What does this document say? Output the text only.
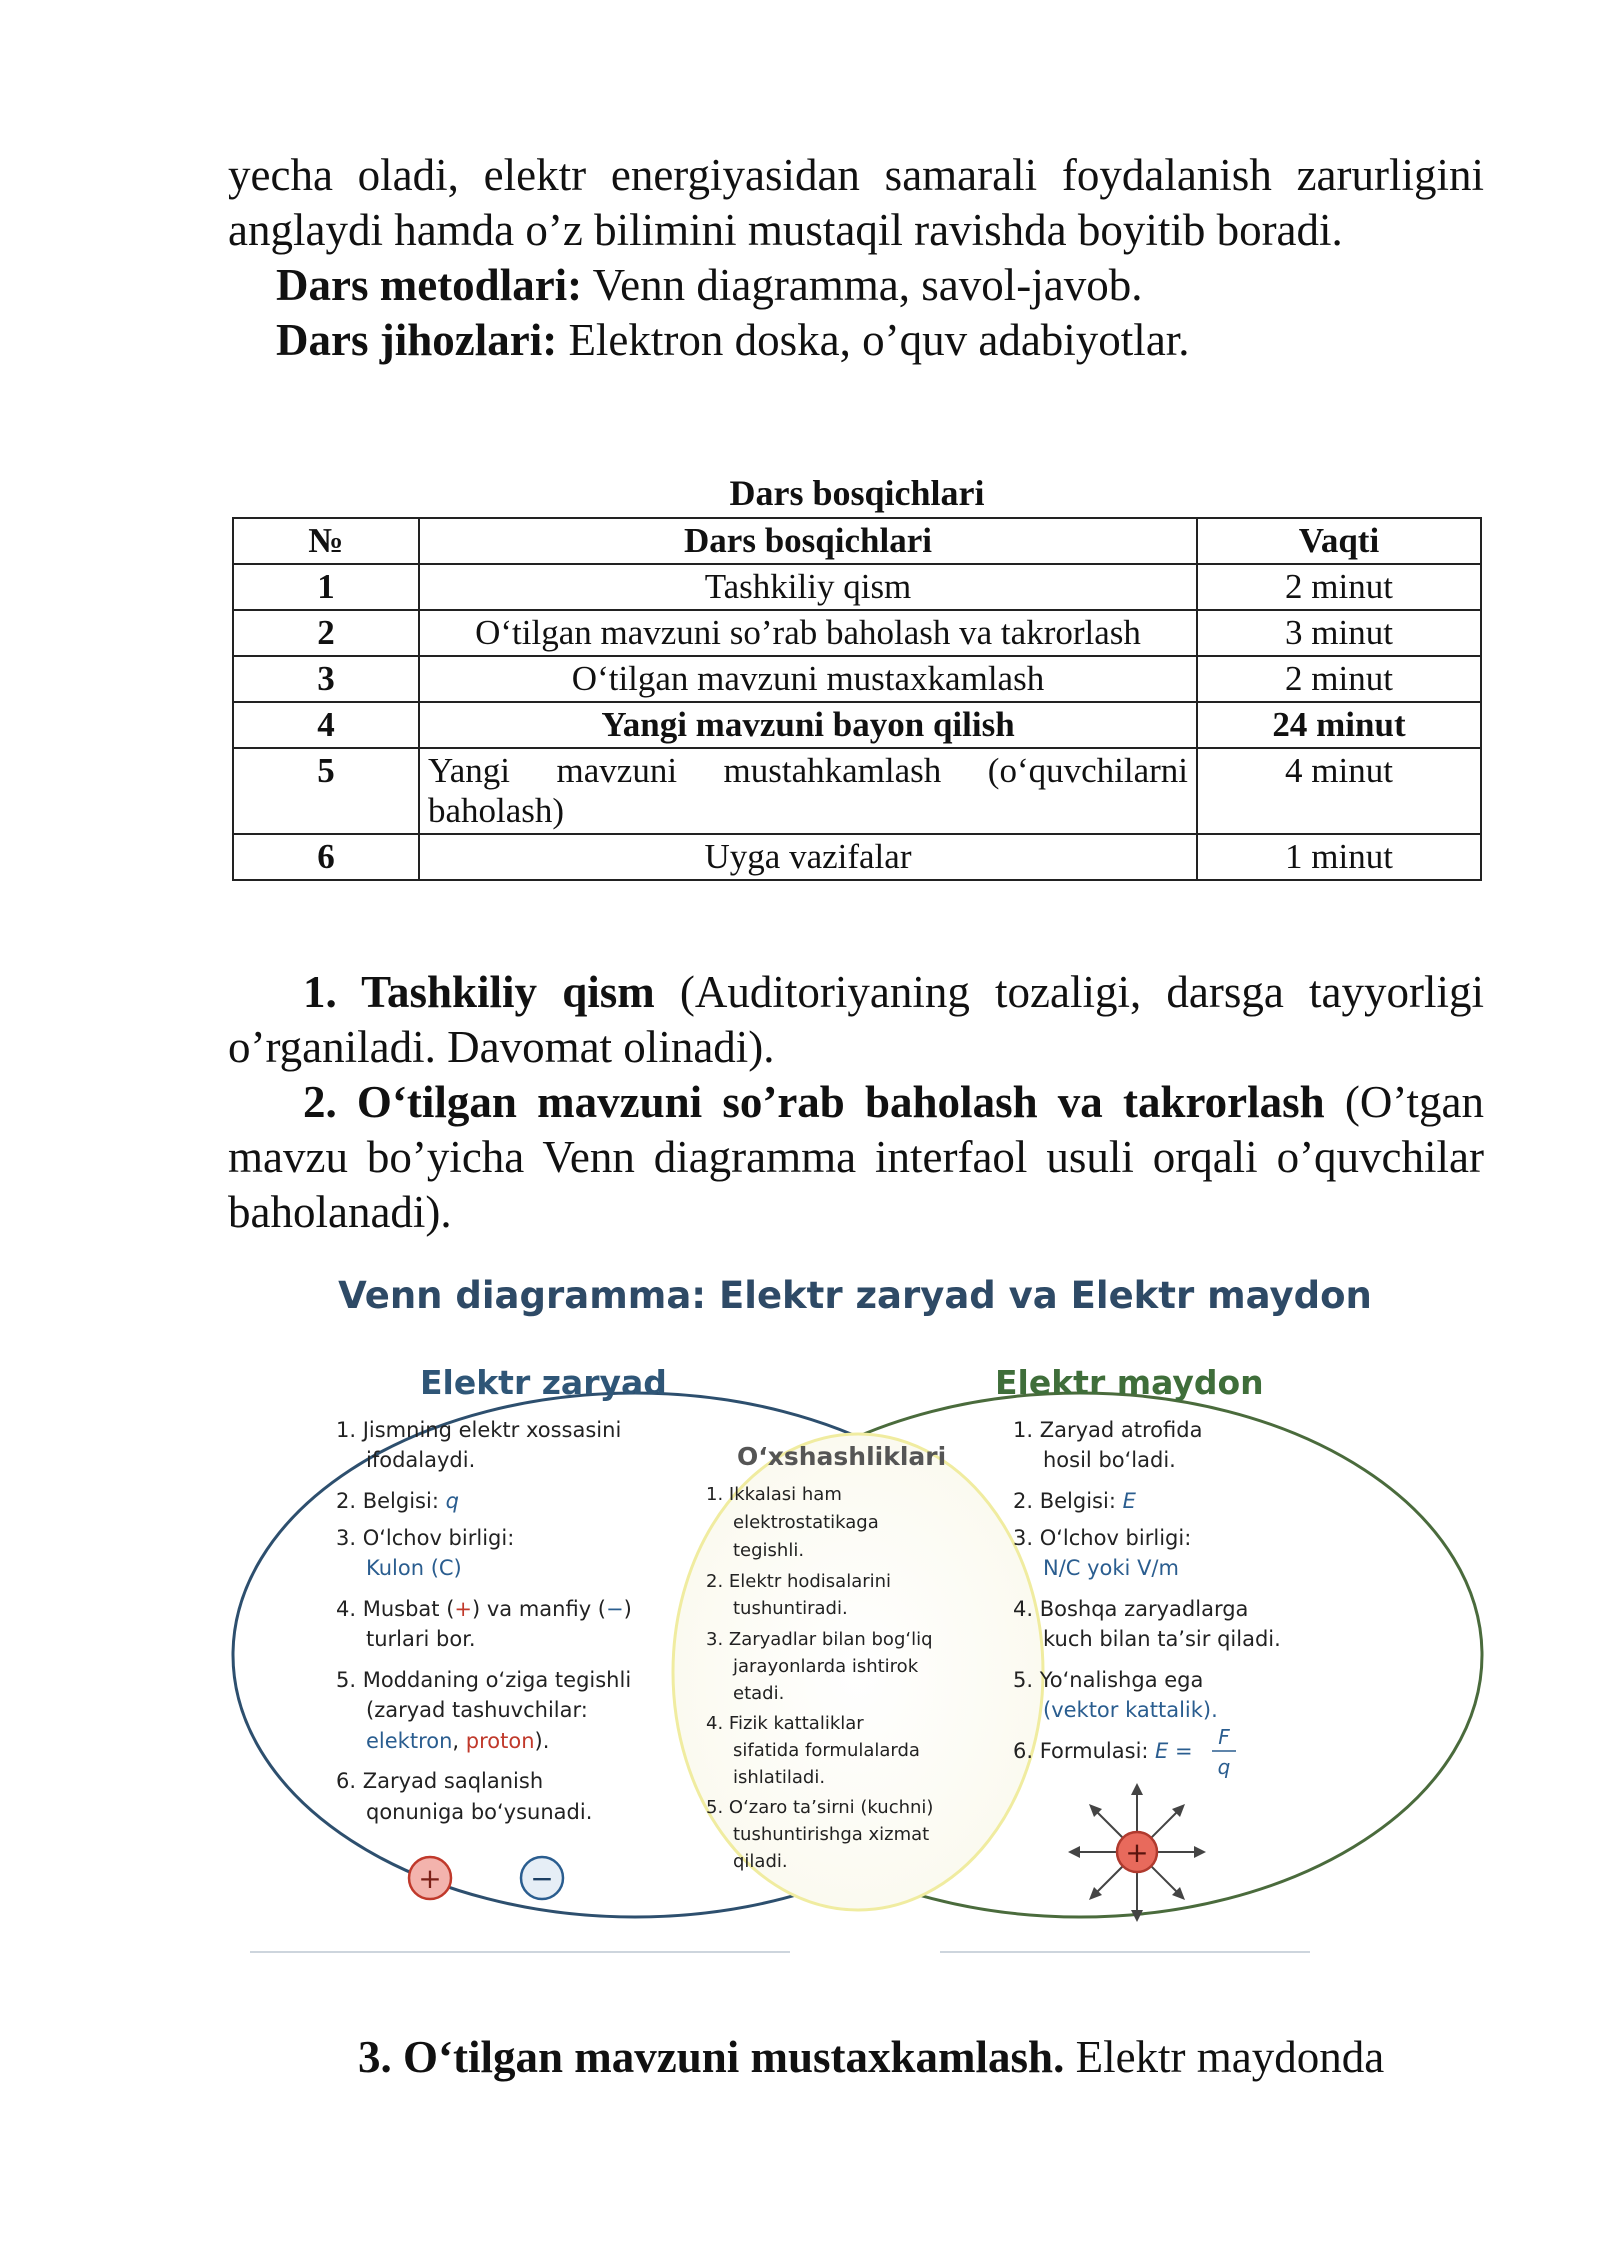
yecha oladi, elektr energiyasidan samarali foydalanish zarurligini anglaydi hamda o’z bilimini mustaqil ravishda boyitib boradi.

Dars metodlari: Venn diagramma, savol-javob.

Dars jihozlari: Elektron doska, o’quv adabiyotlar.

Dars bosqichlari
№	Dars bosqichlari	Vaqti
1	Tashkiliy qism	2 minut
2	O‘tilgan mavzuni so’rab baholash va takrorlash	3 minut
3	O‘tilgan mavzuni mustaxkamlash	2 minut
4	Yangi mavzuni bayon qilish	24 minut
5	Yangi mavzuni mustahkamlash (o‘quvchilarni baholash)	4 minut
6	Uyga vazifalar	1 minut

1. Tashkiliy qism (Auditoriyaning tozaligi, darsga tayyorligi o’rganiladi. Davomat olinadi).

2. O‘tilgan mavzuni so’rab baholash va takrorlash (O’tgan mavzu bo’yicha Venn diagramma interfaol usuli orqali o’quvchilar baholanadi).

Venn diagramma: Elektr zaryad va Elektr maydon
Elektr zaryad
1. Jismning elektr xossasini
ifodalaydi.
2. Belgisi: q
3. O‘lchov birligi:
Kulon (C)
4. Musbat (+) va manfiy (−)
turlari bor.
5. Moddaning o‘ziga tegishli
(zaryad tashuvchilar:
elektron, proton).
6. Zaryad saqlanish
qonuniga bo‘ysunadi.
+	−
O‘xshashliklari
1. Ikkalasi ham
elektrostatikaga
tegishli.
2. Elektr hodisalarini
tushuntiradi.
3. Zaryadlar bilan bog‘liq
jarayonlarda ishtirok
etadi.
4. Fizik kattaliklar
sifatida formulalarda
ishlatiladi.
5. O‘zaro ta’sirni (kuchni)
tushuntirishga xizmat
qiladi.
Elektr maydon
1. Zaryad atrofida
hosil bo‘ladi.
2. Belgisi: E
3. O‘lchov birligi:
N/C yoki V/m
4. Boshqa zaryadlarga
kuch bilan ta’sir qiladi.
5. Yo‘nalishga ega
(vektor kattalik).
6. Formulasi: E =
F
q
+

3. O‘tilgan mavzuni mustaxkamlash. Elektr maydonda
